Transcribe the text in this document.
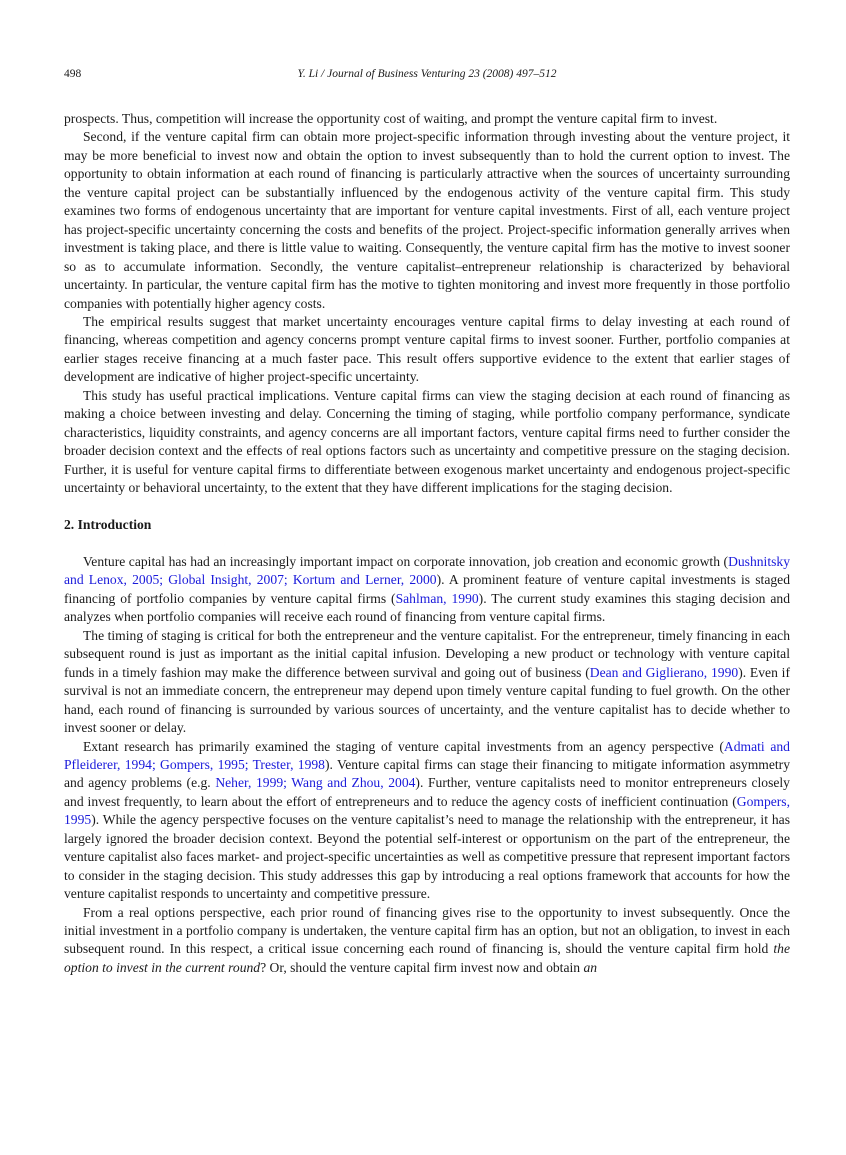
498	Y. Li / Journal of Business Venturing 23 (2008) 497–512

prospects. Thus, competition will increase the opportunity cost of waiting, and prompt the venture capital firm to invest.

Second, if the venture capital firm can obtain more project-specific information through investing about the venture project, it may be more beneficial to invest now and obtain the option to invest subsequently than to hold the current option to invest. The opportunity to obtain information at each round of financing is particularly attractive when the sources of uncertainty surrounding the venture capital project can be substantially influenced by the endogenous activity of the venture capital firm. This study examines two forms of endogenous uncertainty that are important for venture capital investments. First of all, each venture project has project-specific uncertainty concerning the costs and benefits of the project. Project-specific information generally arrives when investment is taking place, and there is little value to waiting. Consequently, the venture capital firm has the motive to invest sooner so as to accumulate information. Secondly, the venture capitalist–entrepreneur relationship is characterized by behavioral uncertainty. In particular, the venture capital firm has the motive to tighten monitoring and invest more frequently in those portfolio companies with potentially higher agency costs.

The empirical results suggest that market uncertainty encourages venture capital firms to delay investing at each round of financing, whereas competition and agency concerns prompt venture capital firms to invest sooner. Further, portfolio companies at earlier stages receive financing at a much faster pace. This result offers supportive evidence to the extent that earlier stages of development are indicative of higher project-specific uncertainty.

This study has useful practical implications. Venture capital firms can view the staging decision at each round of financing as making a choice between investing and delay. Concerning the timing of staging, while portfolio company performance, syndicate characteristics, liquidity constraints, and agency concerns are all important factors, venture capital firms need to further consider the broader decision context and the effects of real options factors such as uncertainty and competitive pressure on the staging decision. Further, it is useful for venture capital firms to differentiate between exogenous market uncertainty and endogenous project-specific uncertainty or behavioral uncertainty, to the extent that they have different implications for the staging decision.

2. Introduction

Venture capital has had an increasingly important impact on corporate innovation, job creation and economic growth (Dushnitsky and Lenox, 2005; Global Insight, 2007; Kortum and Lerner, 2000). A prominent feature of venture capital investments is staged financing of portfolio companies by venture capital firms (Sahlman, 1990). The current study examines this staging decision and analyzes when portfolio companies will receive each round of financing from venture capital firms.

The timing of staging is critical for both the entrepreneur and the venture capitalist. For the entrepreneur, timely financing in each subsequent round is just as important as the initial capital infusion. Developing a new product or technology with venture capital funds in a timely fashion may make the difference between survival and going out of business (Dean and Giglierano, 1990). Even if survival is not an immediate concern, the entrepreneur may depend upon timely venture capital funding to fuel growth. On the other hand, each round of financing is surrounded by various sources of uncertainty, and the venture capitalist has to decide whether to invest sooner or delay.

Extant research has primarily examined the staging of venture capital investments from an agency perspective (Admati and Pfleiderer, 1994; Gompers, 1995; Trester, 1998). Venture capital firms can stage their financing to mitigate information asymmetry and agency problems (e.g. Neher, 1999; Wang and Zhou, 2004). Further, venture capitalists need to monitor entrepreneurs closely and invest frequently, to learn about the effort of entrepreneurs and to reduce the agency costs of inefficient continuation (Gompers, 1995). While the agency perspective focuses on the venture capitalist’s need to manage the relationship with the entrepreneur, it has largely ignored the broader decision context. Beyond the potential self-interest or opportunism on the part of the entrepreneur, the venture capitalist also faces market- and project-specific uncertainties as well as competitive pressure that represent important factors to consider in the staging decision. This study addresses this gap by introducing a real options framework that accounts for how the venture capitalist responds to uncertainty and competitive pressure.

From a real options perspective, each prior round of financing gives rise to the opportunity to invest subsequently. Once the initial investment in a portfolio company is undertaken, the venture capital firm has an option, but not an obligation, to invest in each subsequent round. In this respect, a critical issue concerning each round of financing is, should the venture capital firm hold the option to invest in the current round? Or, should the venture capital firm invest now and obtain an
